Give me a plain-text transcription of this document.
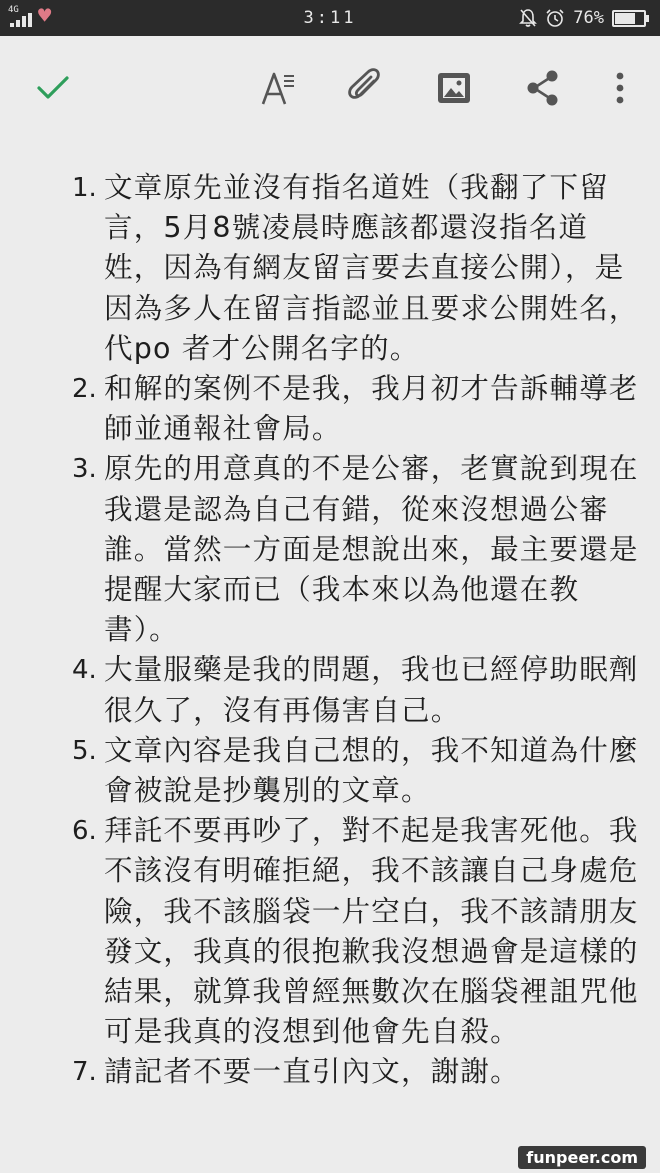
4G ♥	3:11	76%
1. 文章原先並沒有指名道姓（我翻了下留言，5月8號凌晨時應該都還沒指名道姓，因為有網友留言要去直接公開），是因為多人在留言指認並且要求公開姓名，代po 者才公開名字的。
2. 和解的案例不是我，我月初才告訴輔導老師並通報社會局。
3. 原先的用意真的不是公審，老實說到現在我還是認為自己有錯，從來沒想過公審誰。當然一方面是想說出來，最主要還是提醒大家而已（我本來以為他還在教書）。
4. 大量服藥是我的問題，我也已經停助眠劑很久了，沒有再傷害自己。
5. 文章內容是我自己想的，我不知道為什麼會被說是抄襲別的文章。
6. 拜託不要再吵了，對不起是我害死他。我不該沒有明確拒絕，我不該讓自己身處危險，我不該腦袋一片空白，我不該請朋友發文，我真的很抱歉我沒想過會是這樣的結果，就算我曾經無數次在腦袋裡詛咒他可是我真的沒想到他會先自殺。
7. 請記者不要一直引內文，謝謝。
funpeer.com
